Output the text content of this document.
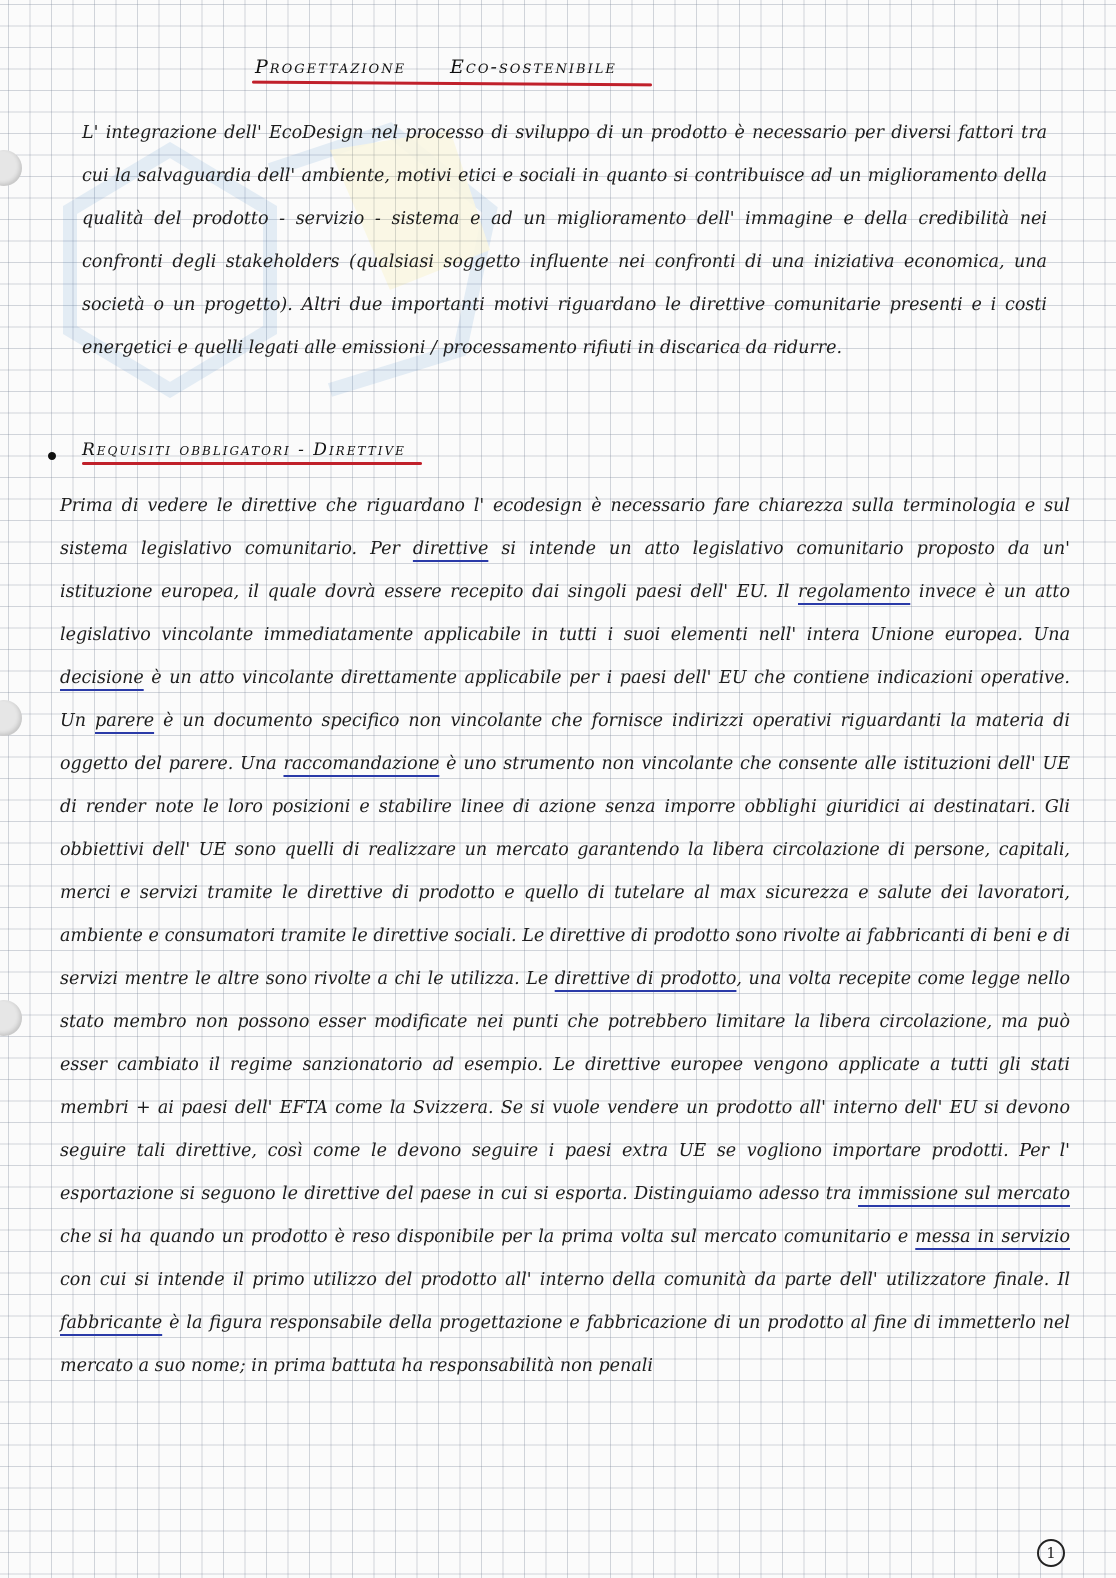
Progettazione Eco-sostenibile
L' integrazione dell' EcoDesign nel processo di sviluppo di un prodotto è necessario per diversi fattori tra cui la salvaguardia dell' ambiente, motivi etici e sociali in quanto si contribuisce ad un miglioramento della qualità del prodotto - servizio - sistema e ad un miglioramento dell' immagine e della credibilità nei confronti degli stakeholders (qualsiasi soggetto influente nei confronti di una iniziativa economica, una società o un progetto). Altri due importanti motivi riguardano le direttive comunitarie presenti e i costi energetici e quelli legati alle emissioni / processamento rifiuti in discarica da ridurre.
Requisiti obbligatori - Direttive
Prima di vedere le direttive che riguardano l' ecodesign è necessario fare chiarezza sulla terminologia e sul sistema legislativo comunitario. Per direttive si intende un atto legislativo comunitario proposto da un' istituzione europea, il quale dovrà essere recepito dai singoli paesi dell' EU. Il regolamento invece è un atto legislativo vincolante immediatamente applicabile in tutti i suoi elementi nell' intera Unione europea. Una decisione è un atto vincolante direttamente applicabile per i paesi dell' EU che contiene indicazioni operative. Un parere è un documento specifico non vincolante che fornisce indirizzi operativi riguardanti la materia di oggetto del parere. Una raccomandazione è uno strumento non vincolante che consente alle istituzioni dell' UE di render note le loro posizioni e stabilire linee di azione senza imporre obblighi giuridici ai destinatari. Gli obbiettivi dell' UE sono quelli di realizzare un mercato garantendo la libera circolazione di persone, capitali, merci e servizi tramite le direttive di prodotto e quello di tutelare al max sicurezza e salute dei lavoratori, ambiente e consumatori tramite le direttive sociali. Le direttive di prodotto sono rivolte ai fabbricanti di beni e di servizi mentre le altre sono rivolte a chi le utilizza. Le direttive di prodotto, una volta recepite come legge nello stato membro non possono esser modificate nei punti che potrebbero limitare la libera circolazione, ma può esser cambiato il regime sanzionatorio ad esempio. Le direttive europee vengono applicate a tutti gli stati membri + ai paesi dell' EFTA come la Svizzera. Se si vuole vendere un prodotto all' interno dell' EU si devono seguire tali direttive, così come le devono seguire i paesi extra UE se vogliono importare prodotti. Per l' esportazione si seguono le direttive del paese in cui si esporta. Distinguiamo adesso tra immissione sul mercato che si ha quando un prodotto è reso disponibile per la prima volta sul mercato comunitario e messa in servizio con cui si intende il primo utilizzo del prodotto all' interno della comunità da parte dell' utilizzatore finale. Il fabbricante è la figura responsabile della progettazione e fabbricazione di un prodotto al fine di immetterlo nel mercato a suo nome; in prima battuta ha responsabilità non penali
1
